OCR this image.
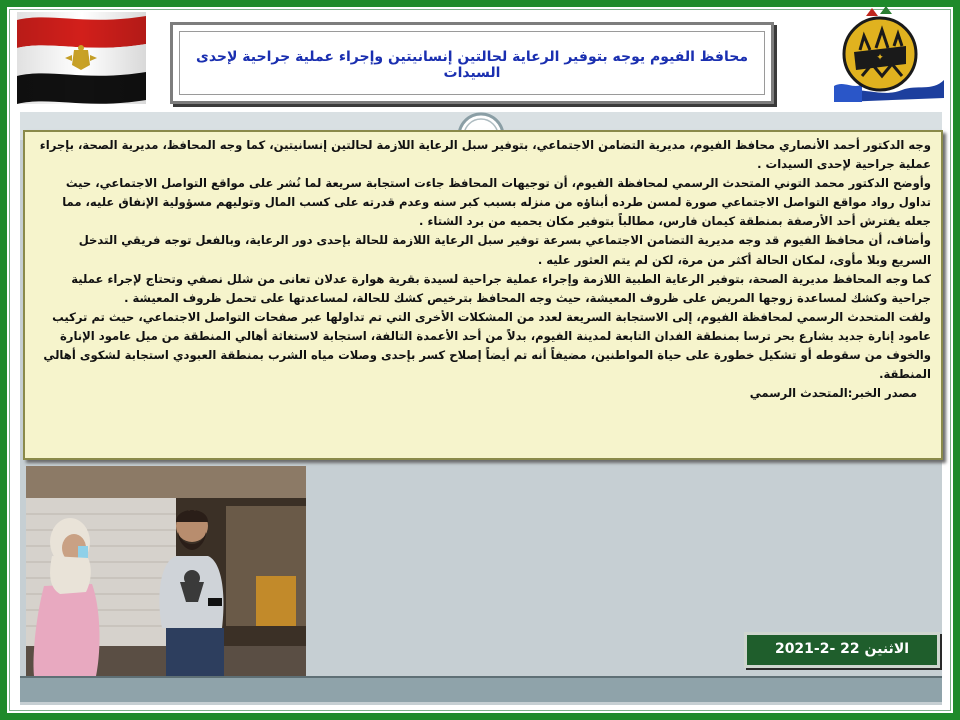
محافظ الفيوم يوجه بتوفير الرعاية لحالتين إنسانيتين وإجراء عملية جراحية لإحدى السيدات
✦

وجه الدكتور أحمد الأنصاري محافظ الفيوم، مديرية التضامن الاجتماعي، بتوفير سبل الرعاية اللازمة لحالتين إنسانيتين، كما وجه المحافظ، مديرية الصحة، بإجراء عملية جراحية لإحدى السيدات .

وأوضح الدكتور محمد التوني المتحدث الرسمي لمحافظة الفيوم، أن توجيهات المحافظ جاءت استجابة سريعة لما نُشر على مواقع التواصل الاجتماعي، حيث تداول رواد مواقع التواصل الاجتماعي صورة لمسن طرده أبناؤه من منزله بسبب كبر سنه وعدم قدرته على كسب المال وتوليهم مسؤولية الإنفاق عليه، مما جعله يفترش أحد الأرصفة بمنطقة كيمان فارس، مطالباً بتوفير مكان يحميه من برد الشتاء .

وأضاف، أن محافظ الفيوم قد وجه مديرية التضامن الاجتماعي بسرعة توفير سبل الرعاية اللازمة للحالة بإحدى دور الرعاية، وبالفعل توجه فريقي التدخل السريع وبلا مأوى، لمكان الحالة أكثر من مرة، لكن لم يتم العثور عليه .

كما وجه المحافظ مديرية الصحة، بتوفير الرعاية الطبية اللازمة وإجراء عملية جراحية لسيدة بقرية هوارة عدلان تعانى من شلل نصفي وتحتاج لإجراء عملية جراحية وكشك لمساعدة زوجها المريض على ظروف المعيشة، حيث وجه المحافظ بترخيص كشك للحالة، لمساعدتها على تحمل ظروف المعيشة .

ولفت المتحدث الرسمي لمحافظة الفيوم، إلى الاستجابة السريعة لعدد من المشكلات الأخرى التي تم تداولها عبر صفحات التواصل الاجتماعي، حيث تم تركيب عامود إنارة جديد بشارع بحر ترسا بمنطقة الفدان التابعة لمدينة الفيوم، بدلاً من أحد الأعمدة التالفة، استجابة لاستغاثة أهالي المنطقة من ميل عامود الإنارة والخوف من سقوطه أو تشكيل خطورة على حياة المواطنين، مضيفاً أنه تم أيضاً إصلاح كسر بإحدى وصلات مياه الشرب بمنطقة العبودي استجابة لشكوى أهالي المنطقة.

مصدر الخبر:المتحدث الرسمي

الاثنين 22 -2-2021
